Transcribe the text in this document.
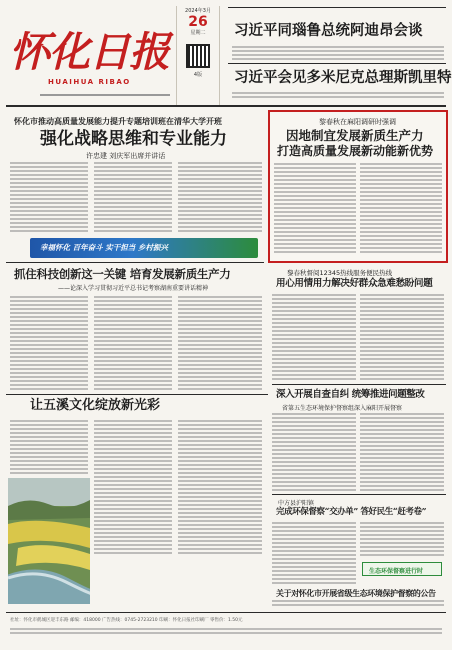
怀化日报
HUAIHUA RIBAO
2024年3月
26
星期二
4版
习近平同瑙鲁总统阿迪昂会谈
习近平会见多米尼克总理斯凯里特
怀化市推动高质量发展能力提升专题培训班在清华大学开班
强化战略思维和专业能力
许忠建 刘庆军出席并讲话
黎春秋在麻阳调研时强调
因地制宜发展新质生产力
打造高质量发展新动能新优势
幸福怀化 百年奋斗 实干担当 乡村振兴
抓住科技创新这一关键 培育发展新质生产力
——论深入学习贯彻习近平总书记考察湖南重要讲话精神
黎春秋督阅12345热线服务便民热线
用心用情用力解决好群众急难愁盼问题
让五溪文化绽放新光彩
深入开展自查自纠 统筹推进问题整改
省第五生态环境保护督察组深入麻阳开展督察
中方县沪阳镇
完成环保督察“交办单” 答好民生“赶考卷”
生态环保督察进行时
关于对怀化市开展省级生态环境保护督察的公告
社址：怀化市鹤城区迎丰东路 邮编：418000 广告热线：0745-2723210 印刷：怀化日报社印刷厂 零售价：1.50元
